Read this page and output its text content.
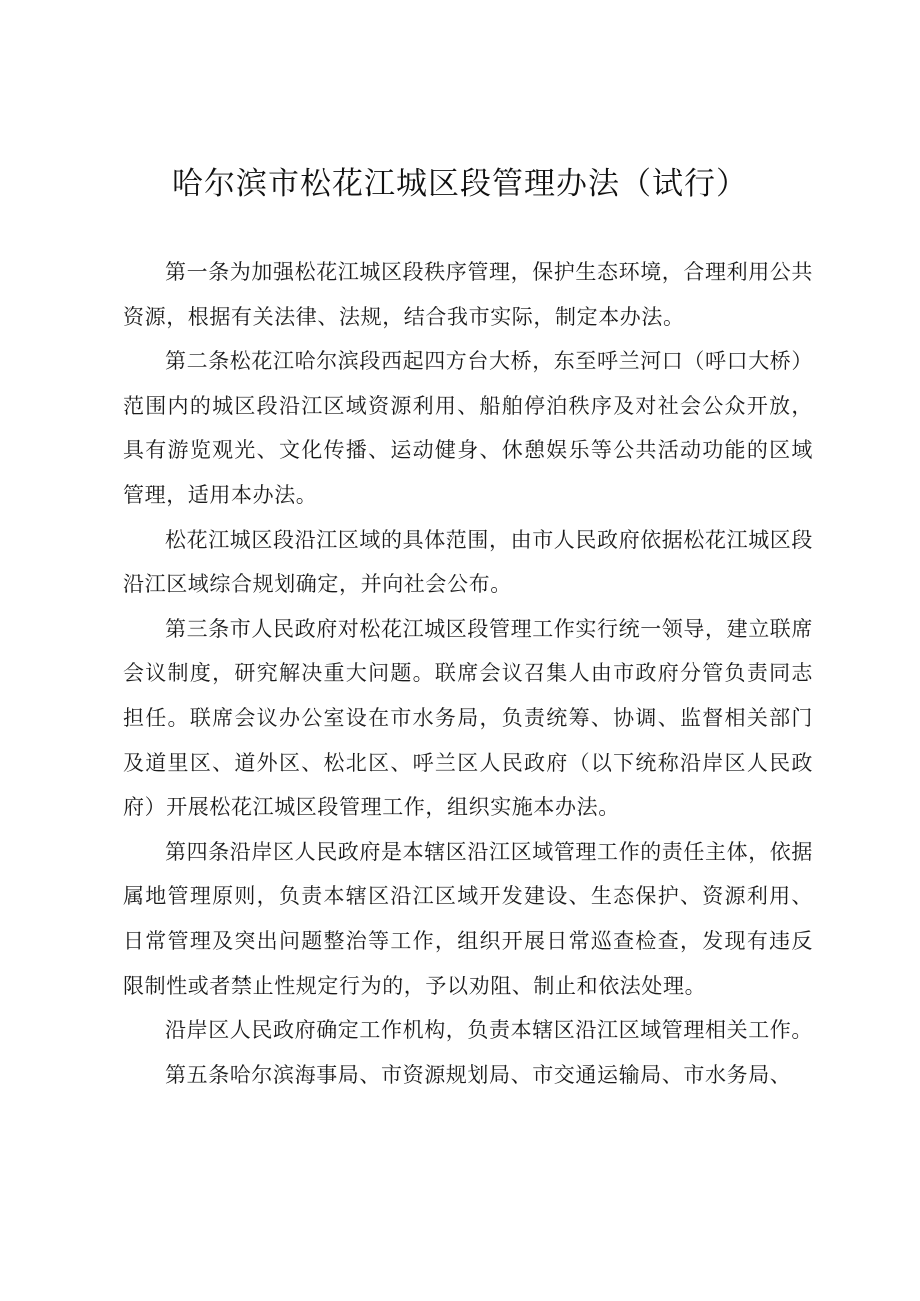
哈尔滨市松花江城区段管理办法（试行）

第一条为加强松花江城区段秩序管理，保护生态环境，合理利用公共资源，根据有关法律、法规，结合我市实际，制定本办法。

第二条松花江哈尔滨段西起四方台大桥，东至呼兰河口（呼口大桥）范围内的城区段沿江区域资源利用、船舶停泊秩序及对社会公众开放，具有游览观光、文化传播、运动健身、休憩娱乐等公共活动功能的区域管理，适用本办法。

松花江城区段沿江区域的具体范围，由市人民政府依据松花江城区段沿江区域综合规划确定，并向社会公布。

第三条市人民政府对松花江城区段管理工作实行统一领导，建立联席会议制度，研究解决重大问题。联席会议召集人由市政府分管负责同志担任。联席会议办公室设在市水务局，负责统筹、协调、监督相关部门及道里区、道外区、松北区、呼兰区人民政府（以下统称沿岸区人民政府）开展松花江城区段管理工作，组织实施本办法。

第四条沿岸区人民政府是本辖区沿江区域管理工作的责任主体，依据属地管理原则，负责本辖区沿江区域开发建设、生态保护、资源利用、日常管理及突出问题整治等工作，组织开展日常巡查检查，发现有违反限制性或者禁止性规定行为的，予以劝阻、制止和依法处理。

沿岸区人民政府确定工作机构，负责本辖区沿江区域管理相关工作。

第五条哈尔滨海事局、市资源规划局、市交通运输局、市水务局、
